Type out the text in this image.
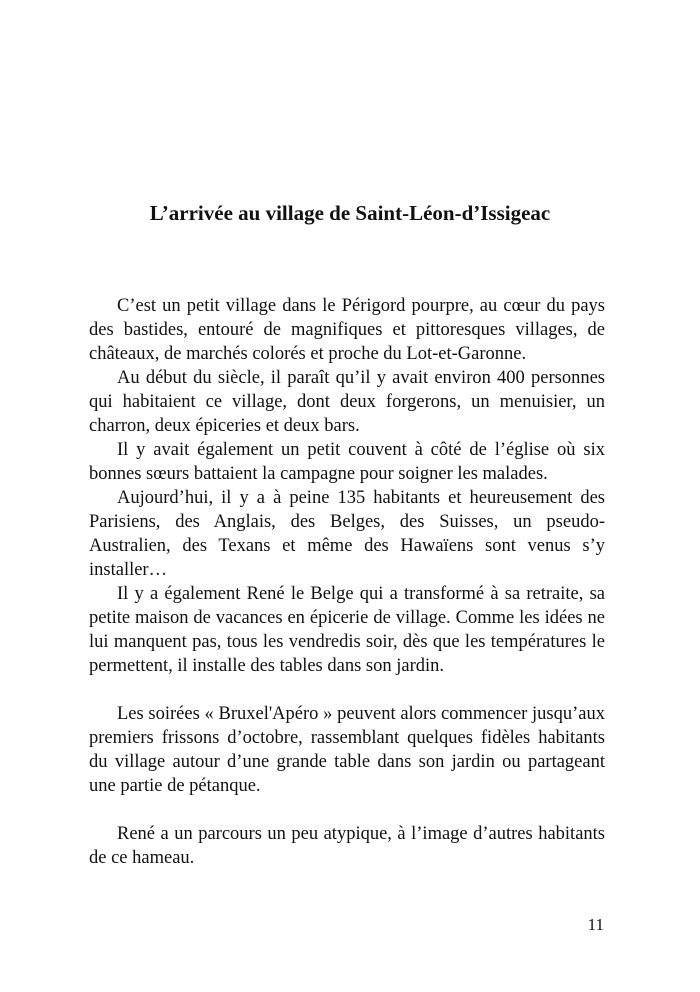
L’arrivée au village de Saint-Léon-d’Issigeac

C’est un petit village dans le Périgord pourpre, au cœur du pays des bastides, entouré de magnifiques et pittoresques villages, de châteaux, de marchés colorés et proche du Lot-et-Garonne.

Au début du siècle, il paraît qu’il y avait environ 400 personnes qui habitaient ce village, dont deux forgerons, un menuisier, un charron, deux épiceries et deux bars.

Il y avait également un petit couvent à côté de l’église où six bonnes sœurs battaient la campagne pour soigner les malades.

Aujourd’hui, il y a à peine 135 habitants et heureusement des Parisiens, des Anglais, des Belges, des Suisses, un pseudo-Australien, des Texans et même des Hawaïens sont venus s’y installer…

Il y a également René le Belge qui a transformé à sa retraite, sa petite maison de vacances en épicerie de village. Comme les idées ne lui manquent pas, tous les vendredis soir, dès que les températures le permettent, il installe des tables dans son jardin.

Les soirées « Bruxel'Apéro » peuvent alors commencer jusqu’aux premiers frissons d’octobre, rassemblant quelques fidèles habitants du village autour d’une grande table dans son jardin ou partageant une partie de pétanque.

René a un parcours un peu atypique, à l’image d’autres habitants de ce hameau.

11
